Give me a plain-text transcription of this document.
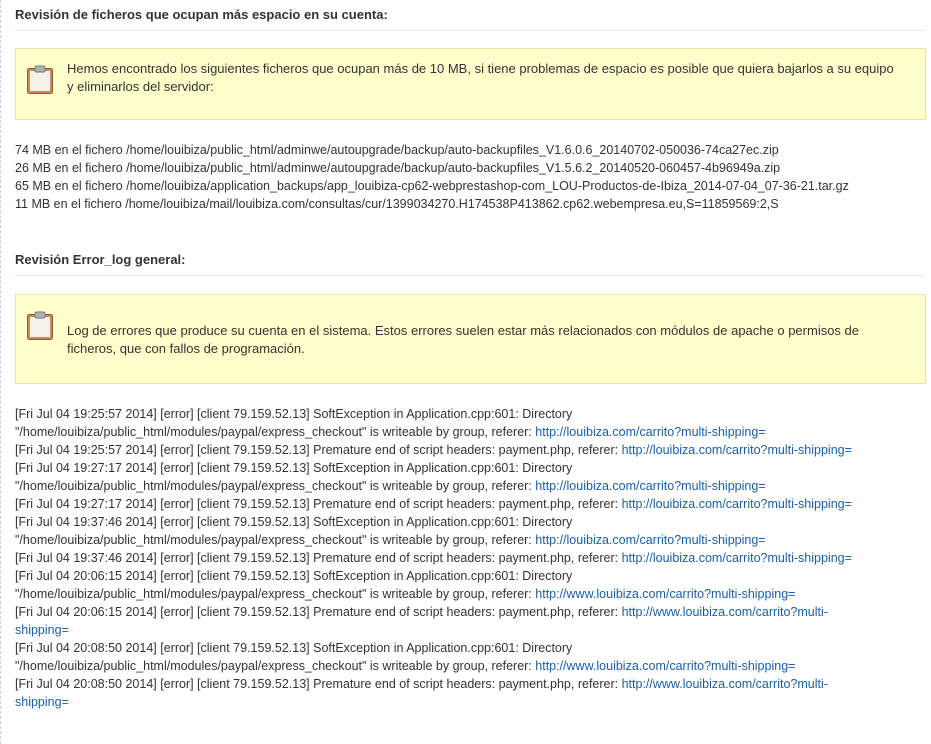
Revisión de ficheros que ocupan más espacio en su cuenta:
Hemos encontrado los siguientes ficheros que ocupan más de 10 MB, si tiene problemas de espacio es posible que quiera bajarlos a su equipo
y eliminarlos del servidor:
74 MB en el fichero /home/louibiza/public_html/adminwe/autoupgrade/backup/auto-backupfiles_V1.6.0.6_20140702-050036-74ca27ec.zip
26 MB en el fichero /home/louibiza/public_html/adminwe/autoupgrade/backup/auto-backupfiles_V1.5.6.2_20140520-060457-4b96949a.zip
65 MB en el fichero /home/louibiza/application_backups/app_louibiza-cp62-webprestashop-com_LOU-Productos-de-Ibiza_2014-07-04_07-36-21.tar.gz
11 MB en el fichero /home/louibiza/mail/louibiza.com/consultas/cur/1399034270.H174538P413862.cp62.webempresa.eu,S=11859569:2,S
Revisión Error_log general:
Log de errores que produce su cuenta en el sistema. Estos errores suelen estar más relacionados con módulos de apache o permisos de
ficheros, que con fallos de programación.
[Fri Jul 04 19:25:57 2014] [error] [client 79.159.52.13] SoftException in Application.cpp:601: Directory
"/home/louibiza/public_html/modules/paypal/express_checkout" is writeable by group, referer: http://louibiza.com/carrito?multi-shipping=
[Fri Jul 04 19:25:57 2014] [error] [client 79.159.52.13] Premature end of script headers: payment.php, referer: http://louibiza.com/carrito?multi-shipping=
[Fri Jul 04 19:27:17 2014] [error] [client 79.159.52.13] SoftException in Application.cpp:601: Directory
"/home/louibiza/public_html/modules/paypal/express_checkout" is writeable by group, referer: http://louibiza.com/carrito?multi-shipping=
[Fri Jul 04 19:27:17 2014] [error] [client 79.159.52.13] Premature end of script headers: payment.php, referer: http://louibiza.com/carrito?multi-shipping=
[Fri Jul 04 19:37:46 2014] [error] [client 79.159.52.13] SoftException in Application.cpp:601: Directory
"/home/louibiza/public_html/modules/paypal/express_checkout" is writeable by group, referer: http://louibiza.com/carrito?multi-shipping=
[Fri Jul 04 19:37:46 2014] [error] [client 79.159.52.13] Premature end of script headers: payment.php, referer: http://louibiza.com/carrito?multi-shipping=
[Fri Jul 04 20:06:15 2014] [error] [client 79.159.52.13] SoftException in Application.cpp:601: Directory
"/home/louibiza/public_html/modules/paypal/express_checkout" is writeable by group, referer: http://www.louibiza.com/carrito?multi-shipping=
[Fri Jul 04 20:06:15 2014] [error] [client 79.159.52.13] Premature end of script headers: payment.php, referer: http://www.louibiza.com/carrito?multi-
shipping=
[Fri Jul 04 20:08:50 2014] [error] [client 79.159.52.13] SoftException in Application.cpp:601: Directory
"/home/louibiza/public_html/modules/paypal/express_checkout" is writeable by group, referer: http://www.louibiza.com/carrito?multi-shipping=
[Fri Jul 04 20:08:50 2014] [error] [client 79.159.52.13] Premature end of script headers: payment.php, referer: http://www.louibiza.com/carrito?multi-
shipping=
